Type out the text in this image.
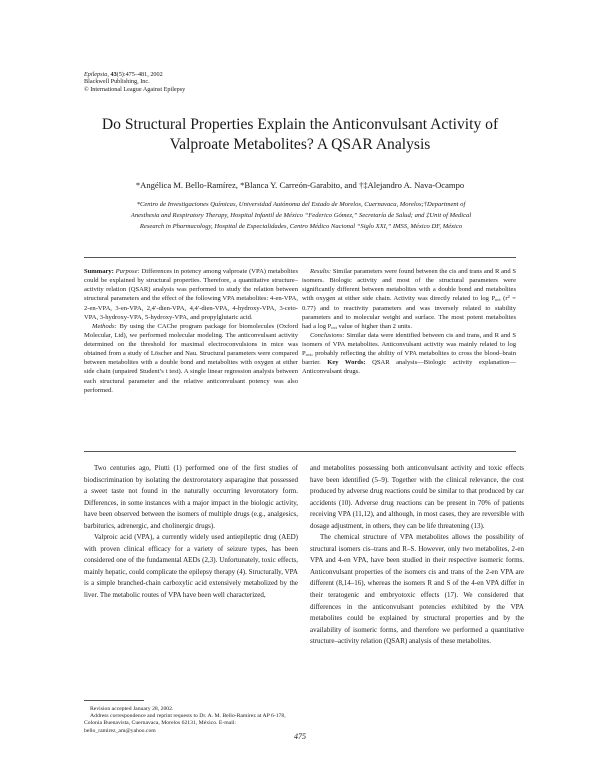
Epilepsia, 43(5):475–481, 2002
Blackwell Publishing, Inc.
© International League Against Epilepsy
Do Structural Properties Explain the Anticonvulsant Activity of
Valproate Metabolites? A QSAR Analysis
*Angélica M. Bello-Ramírez, *Blanca Y. Carreón-Garabito, and †‡Alejandro A. Nava-Ocampo
*Centro de Investigaciones Químicas, Universidad Autónoma del Estado de Morelos, Cuernavaca, Morelos;†Department of
Anesthesia and Respiratory Therapy, Hospital Infantil de México “Federico Gómez,” Secretaría de Salud; and ‡Unit of Medical
Research in Pharmacology, Hospital de Especialidades, Centro Médico Nacional “Siglo XXI,” IMSS, México DF, México

Summary: Purpose: Differences in potency among valproate (VPA) metabolites could be explained by structural properties. Therefore, a quantitative structure–activity relation (QSAR) analysis was performed to study the relation between structural parameters and the effect of the following VPA metabolites: 4-en-VPA, 2-en-VPA, 3-en-VPA, 2,4′-dien-VPA, 4,4′-dien-VPA, 4-hydroxy-VPA, 3-ceto-VPA, 3-hydroxy-VPA, 5-hydroxy-VPA, and propylglutaric acid.

Methods: By using the CAChe program package for biomolecules (Oxford Molecular, Ltd), we performed molecular modeling. The anticonvulsant activity determined on the threshold for maximal electroconvulsions in mice was obtained from a study of Löscher and Nau. Structural parameters were compared between metabolites with a double bond and metabolites with oxygen at either side chain (unpaired Student’s t test). A single linear regression analysis between each structural parameter and the relative anticonvulsant potency was also performed.

Results: Similar parameters were found between the cis and trans and R and S isomers. Biologic activity and most of the structural parameters were significantly different between metabolites with a double bond and metabolites with oxygen at either side chain. Activity was directly related to $\log P_{oct}$ $(r^2 = 0.77)$ and to reactivity parameters and was inversely related to stability parameters and to molecular weight and surface. The most potent metabolites had a $\log P_{oct}$ value of higher than 2 units.

Conclusions: Similar data were identified between cis and trans, and R and S isomers of VPA metabolites. Anticonvulsant activity was mainly related to $\log P_{oct}$, probably reflecting the ability of VPA metabolites to cross the blood–brain barrier. Key Words: QSAR analysis—Biologic activity explanation—Anticonvulsant drugs.

Two centuries ago, Piutti (1) performed one of the first studies of biodiscrimination by isolating the dextrorotatory asparagine that possessed a sweet taste not found in the naturally occurring levorotatory form. Differences, in some instances with a major impact in the biologic activity, have been observed between the isomers of multiple drugs (e.g., analgesics, barbiturics, adrenergic, and cholinergic drugs).

Valproic acid (VPA), a currently widely used antiepileptic drug (AED) with proven clinical efficacy for a variety of seizure types, has been considered one of the fundamental AEDs (2,3). Unfortunately, toxic effects, mainly hepatic, could complicate the epilepsy therapy (4). Structurally, VPA is a simple branched-chain carboxylic acid extensively metabolized by the liver. The metabolic routes of VPA have been well characterized,

and metabolites possessing both anticonvulsant activity and toxic effects have been identified (5–9). Together with the clinical relevance, the cost produced by adverse drug reactions could be similar to that produced by car accidents (10). Adverse drug reactions can be present in 70% of patients receiving VPA (11,12), and although, in most cases, they are reversible with dosage adjustment, in others, they can be life threatening (13).

The chemical structure of VPA metabolites allows the possibility of structural isomers cis–trans and R–S. However, only two metabolites, 2-en VPA and 4-en VPA, have been studied in their respective isomeric forms. Anticonvulsant properties of the isomers cis and trans of the 2-en VPA are different (8,14–16), whereas the isomers R and S of the 4-en VPA differ in their teratogenic and embryotoxic effects (17). We considered that differences in the anticonvulsant potencies exhibited by the VPA metabolites could be explained by structural properties and by the availability of isomeric forms, and therefore we performed a quantitative structure–activity relation (QSAR) analysis of these metabolites.

Revision accepted January 28, 2002.

Address correspondence and reprint requests to Dr. A. M. Bello-Ramírez at AP 6-178, Colonia Buenavista, Cuernavaca, Morelos 62131, México. E-mail: bello_ramirez_am@yahoo.com

475
